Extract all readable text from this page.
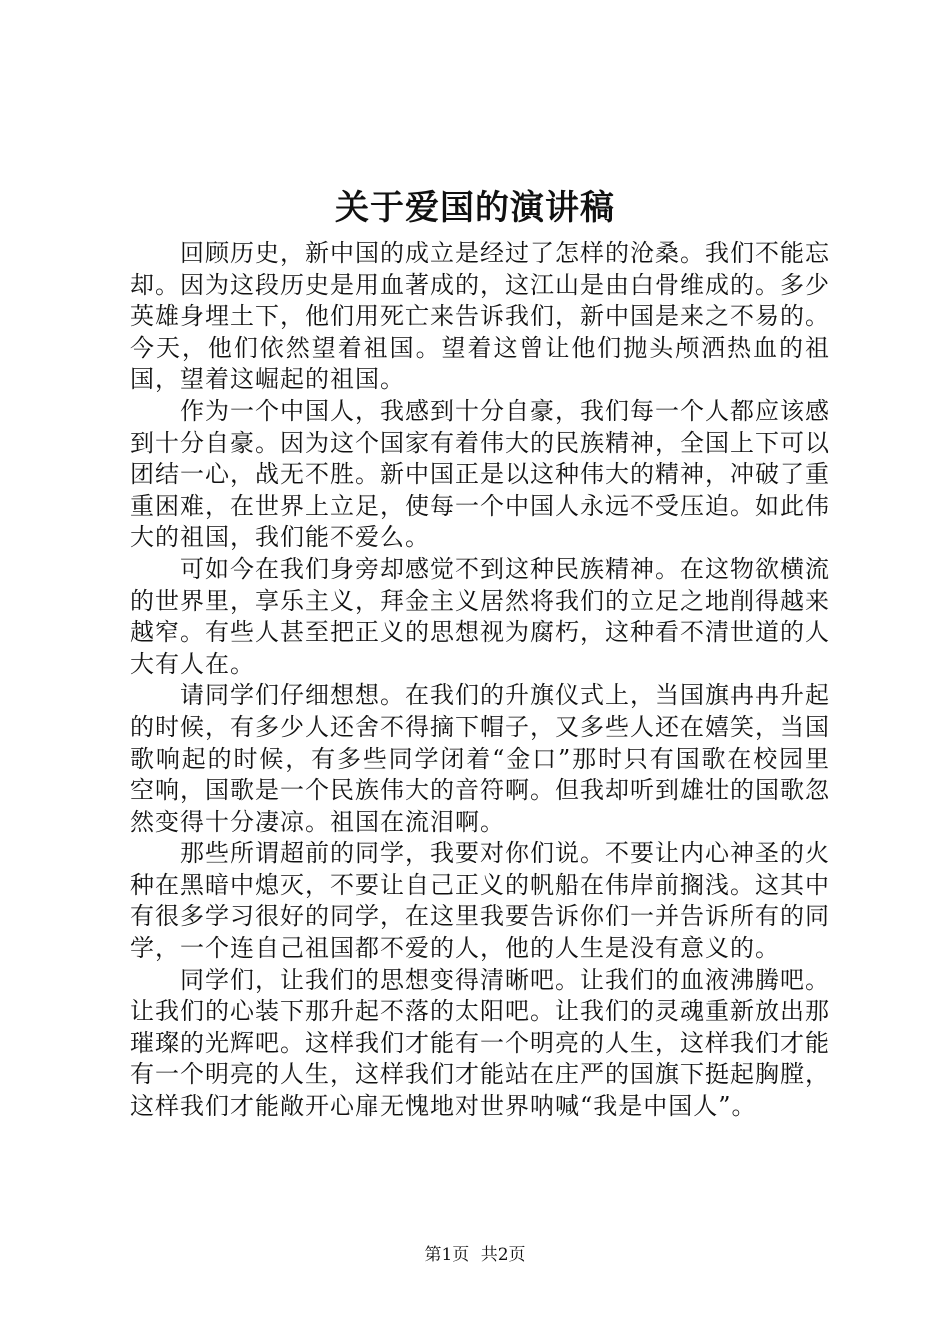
关于爱国的演讲稿

回顾历史，新中国的成立是经过了怎样的沧桑。我们不能忘却。因为这段历史是用血著成的，这江山是由白骨维成的。多少英雄身埋土下，他们用死亡来告诉我们，新中国是来之不易的。今天，他们依然望着祖国。望着这曾让他们抛头颅洒热血的祖国，望着这崛起的祖国。

作为一个中国人，我感到十分自豪，我们每一个人都应该感到十分自豪。因为这个国家有着伟大的民族精神，全国上下可以团结一心，战无不胜。新中国正是以这种伟大的精神，冲破了重重困难，在世界上立足，使每一个中国人永远不受压迫。如此伟大的祖国，我们能不爱么。

可如今在我们身旁却感觉不到这种民族精神。在这物欲横流的世界里，享乐主义，拜金主义居然将我们的立足之地削得越来越窄。有些人甚至把正义的思想视为腐朽，这种看不清世道的人大有人在。

请同学们仔细想想。在我们的升旗仪式上，当国旗冉冉升起的时候，有多少人还舍不得摘下帽子，又多些人还在嬉笑，当国歌响起的时候，有多些同学闭着“金口”那时只有国歌在校园里空响，国歌是一个民族伟大的音符啊。但我却听到雄壮的国歌忽然变得十分凄凉。祖国在流泪啊。

那些所谓超前的同学，我要对你们说。不要让内心神圣的火种在黑暗中熄灭，不要让自己正义的帆船在伟岸前搁浅。这其中有很多学习很好的同学，在这里我要告诉你们一并告诉所有的同学，一个连自己祖国都不爱的人，他的人生是没有意义的。

同学们，让我们的思想变得清晰吧。让我们的血液沸腾吧。让我们的心装下那升起不落的太阳吧。让我们的灵魂重新放出那璀璨的光辉吧。这样我们才能有一个明亮的人生，这样我们才能有一个明亮的人生，这样我们才能站在庄严的国旗下挺起胸膛，这样我们才能敞开心扉无愧地对世界呐喊“我是中国人”。

第1页 共2页
